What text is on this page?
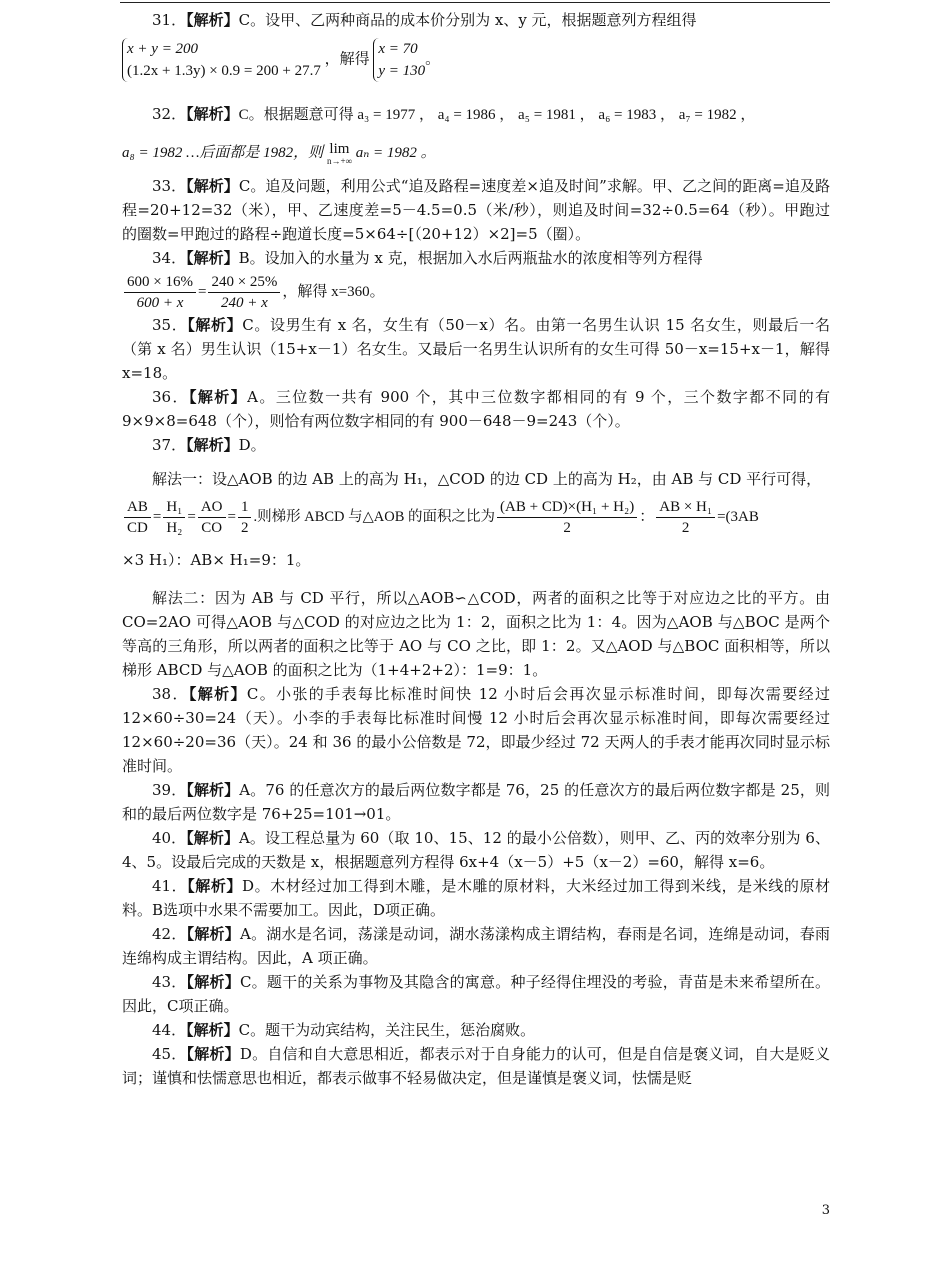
31．【解析】C。设甲、乙两种商品的成本价分别为 x、y 元，根据题意列方程组得

x + y = 200
(1.2x + 1.3y) × 0.9 = 200 + 27.7
，解得
x = 70
y = 130
。

32．【解析】C。根据题意可得 a₃ = 1977 ， a₄ = 1986 ， a₅ = 1981 ， a₆ = 1983 ， a₇ = 1982 ，

a₈ = 1982 …后面都是 1982，则 lim
n→+∞ aₙ = 1982 。

33．【解析】C。追及问题，利用公式“追及路程=速度差×追及时间”求解。甲、乙之间的距离=追及路程=20+12=32（米），甲、乙速度差=5－4.5=0.5（米/秒），则追及时间=32÷0.5=64（秒）。甲跑过的圈数=甲跑过的路程÷跑道长度=5×64÷[（20+12）×2]=5（圈）。

34．【解析】B。设加入的水量为 x 克，根据加入水后两瓶盐水的浓度相等列方程得

$\frac{600 \times 16\%}{600 + x} = \frac{240 \times 25\%}{240 + x}$ ，解得 x=360。

35．【解析】C。设男生有 x 名，女生有（50－x）名。由第一名男生认识 15 名女生，则最后一名（第 x 名）男生认识（15+x－1）名女生。又最后一名男生认识所有的女生可得 50－x=15+x－1，解得 x=18。

36．【解析】A。三位数一共有 900 个，其中三位数字都相同的有 9 个，三个数字都不同的有 9×9×8=648（个），则恰有两位数字相同的有 900－648－9=243（个）。

37．【解析】D。

解法一：设△AOB 的边 AB 上的高为 H₁，△COD 的边 CD 上的高为 H₂，由 AB 与 CD 平行可得，

$\frac{AB}{CD} = \frac{\text{H₁}}{\text{H₂}} = \frac{AO}{CO} = \frac{1}{2}$ .则梯形 ABCD 与△AOB 的面积之比为 $\frac{\text{(AB + CD)×(H₁ + H₂)}}{2}$ ： $\frac{\text{AB × H₁}}{2} =(3AB$

×3 H₁）：AB× H₁=9：1。

解法二：因为 AB 与 CD 平行，所以△AOB∽△COD，两者的面积之比等于对应边之比的平方。由 CO=2AO 可得△AOB 与△COD 的对应边之比为 1：2，面积之比为 1：4。因为△AOB 与△BOC 是两个等高的三角形，所以两者的面积之比等于 AO 与 CO 之比，即 1：2。又△AOD 与△BOC 面积相等，所以梯形 ABCD 与△AOB 的面积之比为（1+4+2+2）：1=9：1。

38．【解析】C。小张的手表每比标准时间快 12 小时后会再次显示标准时间，即每次需要经过 12×60÷30=24（天）。小李的手表每比标准时间慢 12 小时后会再次显示标准时间，即每次需要经过 12×60÷20=36（天）。24 和 36 的最小公倍数是 72，即最少经过 72 天两人的手表才能再次同时显示标准时间。

39．【解析】A。76 的任意次方的最后两位数字都是 76，25 的任意次方的最后两位数字都是 25，则和的最后两位数字是 76+25=101→01。

40．【解析】A。设工程总量为 60（取 10、15、12 的最小公倍数），则甲、乙、丙的效率分别为 6、4、5。设最后完成的天数是 x，根据题意列方程得 6x+4（x－5）+5（x－2）=60，解得 x=6。

41．【解析】D。木材经过加工得到木雕，是木雕的原材料，大米经过加工得到米线，是米线的原材料。B选项中水果不需要加工。因此，D项正确。

42．【解析】A。湖水是名词，荡漾是动词，湖水荡漾构成主谓结构，春雨是名词，连绵是动词，春雨连绵构成主谓结构。因此，A 项正确。

43．【解析】C。题干的关系为事物及其隐含的寓意。种子经得住埋没的考验，青苗是未来希望所在。因此，C项正确。

44．【解析】C。题干为动宾结构，关注民生，惩治腐败。

45．【解析】D。自信和自大意思相近，都表示对于自身能力的认可，但是自信是褒义词，自大是贬义词；谨慎和怯懦意思也相近，都表示做事不轻易做决定，但是谨慎是褒义词，怯懦是贬

3
